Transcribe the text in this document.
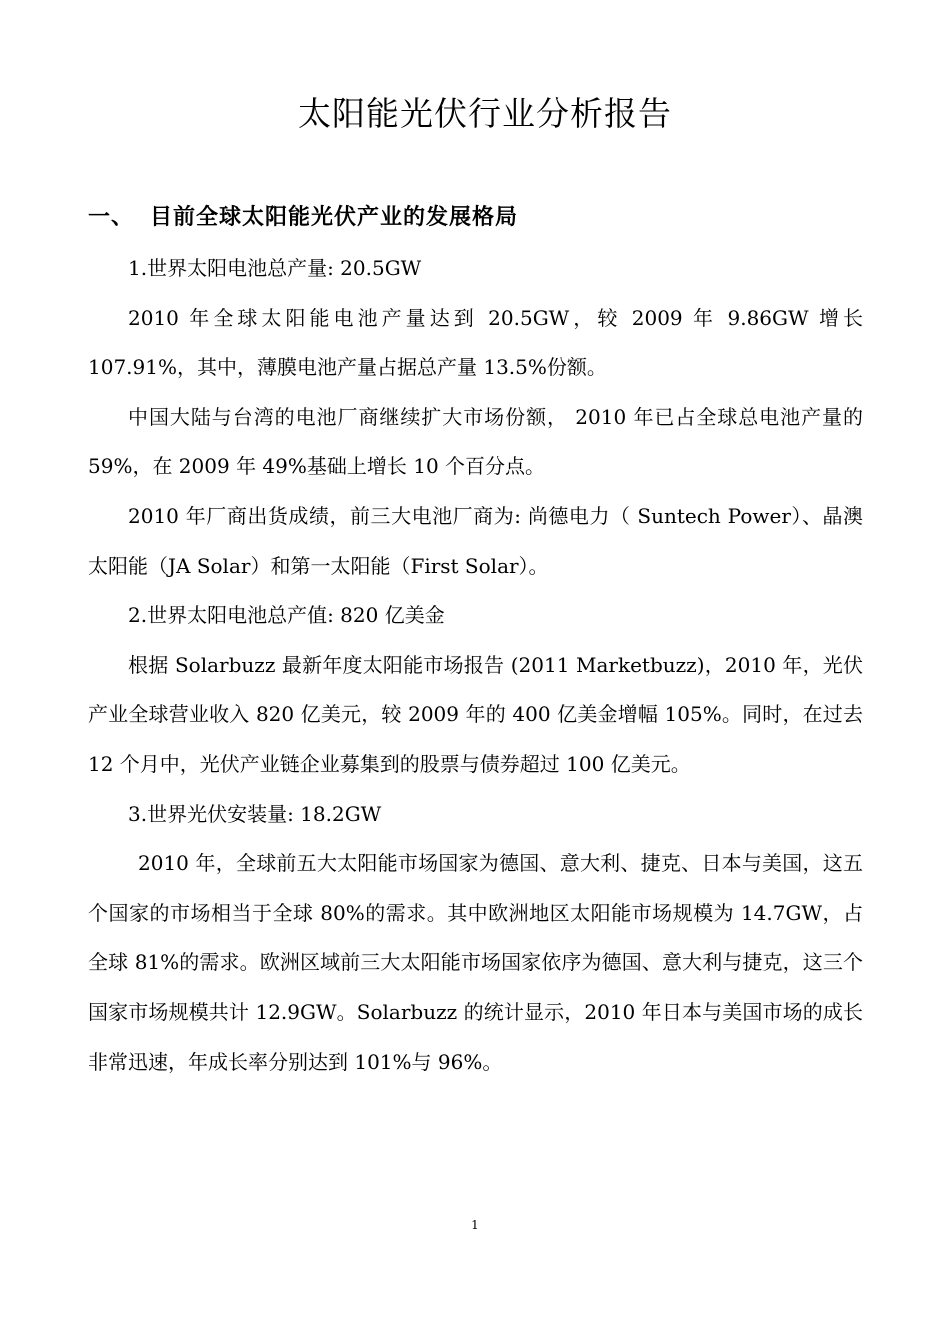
太阳能光伏行业分析报告
一、 目前全球太阳能光伏产业的发展格局

1.世界太阳电池总产量: 20.5GW

2010 年全球太阳能电池产量达到 20.5GW，较 2009 年 9.86GW 增长 107.91%，其中，薄膜电池产量占据总产量 13.5%份额。

中国大陆与台湾的电池厂商继续扩大市场份额， 2010 年已占全球总电池产量的 59%，在 2009 年 49%基础上增长 10 个百分点。

2010 年厂商出货成绩，前三大电池厂商为: 尚德电力（ Suntech Power）、晶澳太阳能（JA Solar）和第一太阳能（First Solar）。

2.世界太阳电池总产值: 820 亿美金

根据 Solarbuzz 最新年度太阳能市场报告 (2011 Marketbuzz)，2010 年，光伏产业全球营业收入 820 亿美元，较 2009 年的 400 亿美金增幅 105%。同时，在过去 12 个月中，光伏产业链企业募集到的股票与债券超过 100 亿美元。

3.世界光伏安装量: 18.2GW

2010 年，全球前五大太阳能市场国家为德国、意大利、捷克、日本与美国，这五个国家的市场相当于全球 80%的需求。其中欧洲地区太阳能市场规模为 14.7GW，占全球 81%的需求。欧洲区域前三大太阳能市场国家依序为德国、意大利与捷克，这三个国家市场规模共计 12.9GW。Solarbuzz 的统计显示，2010 年日本与美国市场的成长非常迅速，年成长率分别达到 101%与 96%。

1
